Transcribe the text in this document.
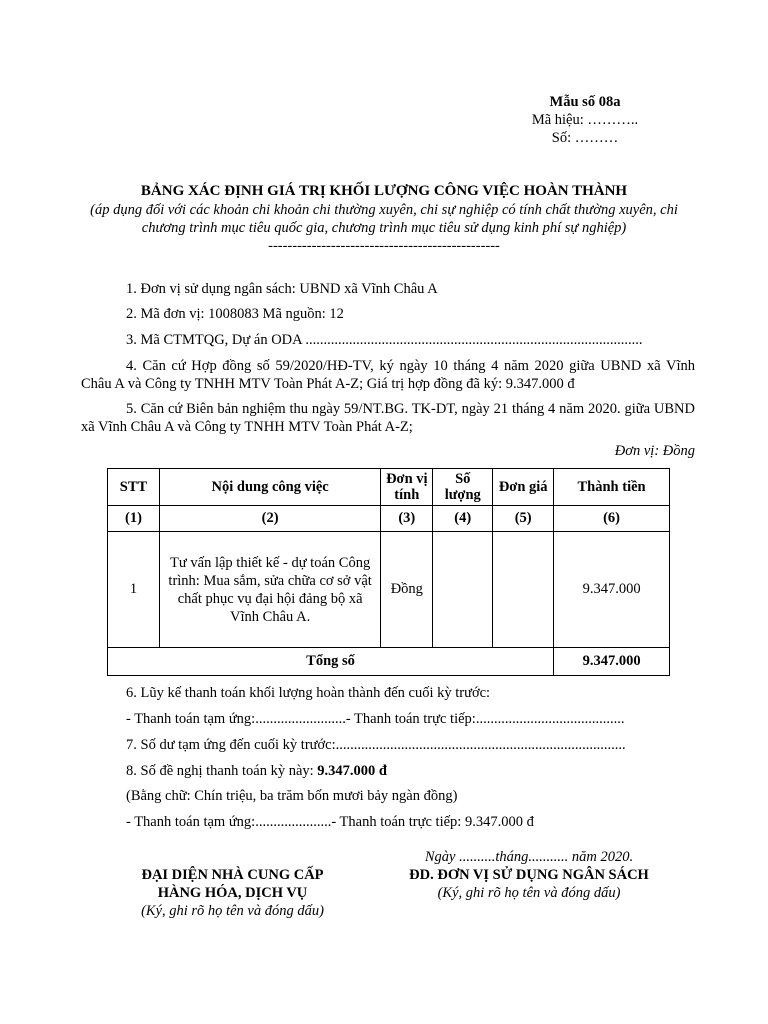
Mẫu số 08a
Mã hiệu: ………..
Số: ………
BẢNG XÁC ĐỊNH GIÁ TRỊ KHỐI LƯỢNG CÔNG VIỆC HOÀN THÀNH
(áp dụng đối với các khoản chi khoản chi thường xuyên, chi sự nghiệp có tính chất thường xuyên, chi chương trình mục tiêu quốc gia, chương trình mục tiêu sử dụng kinh phí sự nghiệp)
------------------------------------------------
1. Đơn vị sử dụng ngân sách: UBND xã Vĩnh Châu A
2. Mã đơn vị: 1008083 Mã nguồn: 12
3. Mã CTMTQG, Dự án ODA .............................................................................................
4. Căn cứ Hợp đồng số 59/2020/HĐ-TV, ký ngày 10 tháng 4 năm 2020 giữa UBND xã Vĩnh Châu A và Công ty TNHH MTV Toàn Phát A-Z; Giá trị hợp đồng đã ký: 9.347.000 đ
5. Căn cứ Biên bản nghiệm thu ngày 59/NT.BG. TK-DT, ngày 21 tháng 4 năm 2020. giữa UBND xã Vĩnh Châu A và Công ty TNHH MTV Toàn Phát A-Z;
Đơn vị: Đồng
STT	Nội dung công việc	Đơn vị tính	Số lượng	Đơn giá	Thành tiền
(1)	(2)	(3)	(4)	(5)	(6)
1	Tư vấn lập thiết kế - dự toán Công trình: Mua sắm, sửa chữa cơ sở vật chất phục vụ đại hội đảng bộ xã Vĩnh Châu A.	Đồng			9.347.000
Tổng số					9.347.000
6. Lũy kế thanh toán khối lượng hoàn thành đến cuối kỳ trước:
- Thanh toán tạm ứng:.........................- Thanh toán trực tiếp:.........................................
7. Số dư tạm ứng đến cuối kỳ trước:................................................................................
8. Số đề nghị thanh toán kỳ này: 9.347.000 đ
(Bằng chữ: Chín triệu, ba trăm bốn mươi bảy ngàn đồng)
- Thanh toán tạm ứng:.....................- Thanh toán trực tiếp: 9.347.000 đ
Ngày ..........tháng........... năm 2020.
ĐẠI DIỆN NHÀ CUNG CẤP
HÀNG HÓA, DỊCH VỤ
(Ký, ghi rõ họ tên và đóng dấu)
ĐD. ĐƠN VỊ SỬ DỤNG NGÂN SÁCH
(Ký, ghi rõ họ tên và đóng dấu)
